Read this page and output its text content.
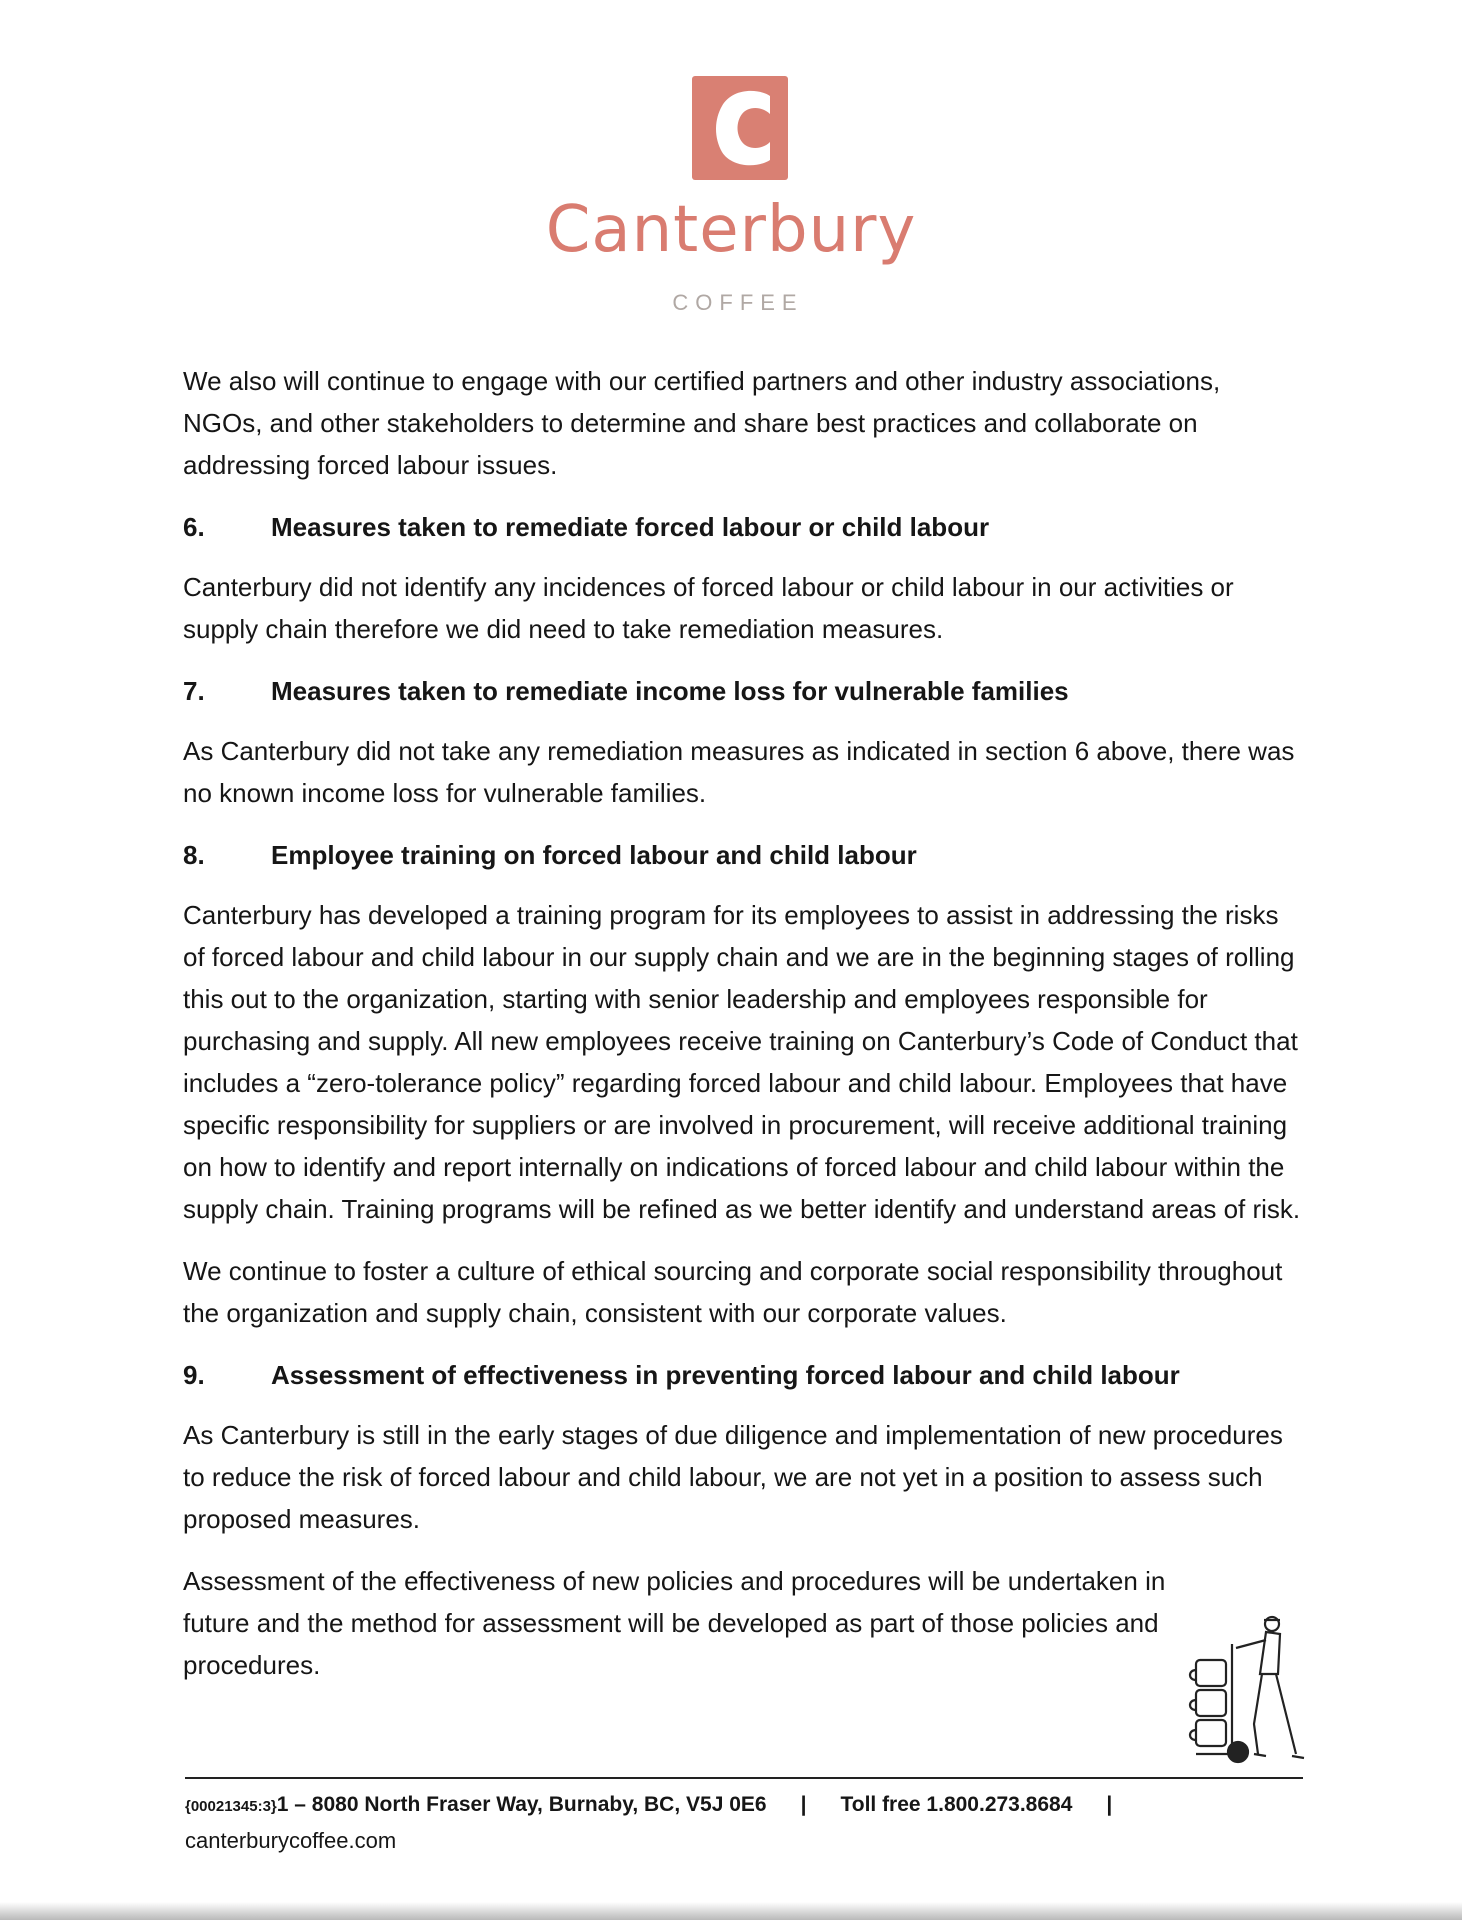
Canterbury
COFFEE

We also will continue to engage with our certified partners and other industry associations, NGOs, and other stakeholders to determine and share best practices and collaborate on addressing forced labour issues.

6.	Measures taken to remediate forced labour or child labour

Canterbury did not identify any incidences of forced labour or child labour in our activities or supply chain therefore we did need to take remediation measures.

7.	Measures taken to remediate income loss for vulnerable families

As Canterbury did not take any remediation measures as indicated in section 6 above, there was no known income loss for vulnerable families.

8.	Employee training on forced labour and child labour

Canterbury has developed a training program for its employees to assist in addressing the risks of forced labour and child labour in our supply chain and we are in the beginning stages of rolling this out to the organization, starting with senior leadership and employees responsible for purchasing and supply. All new employees receive training on Canterbury’s Code of Conduct that includes a “zero-tolerance policy” regarding forced labour and child labour. Employees that have specific responsibility for suppliers or are involved in procurement, will receive additional training on how to identify and report internally on indications of forced labour and child labour within the supply chain. Training programs will be refined as we better identify and understand areas of risk.

We continue to foster a culture of ethical sourcing and corporate social responsibility throughout the organization and supply chain, consistent with our corporate values.

9.	Assessment of effectiveness in preventing forced labour and child labour

As Canterbury is still in the early stages of due diligence and implementation of new procedures to reduce the risk of forced labour and child labour, we are not yet in a position to assess such proposed measures.

Assessment of the effectiveness of new policies and procedures will be undertaken in future and the method for assessment will be developed as part of those policies and procedures.

{00021345:3}1 – 8080 North Fraser Way, Burnaby, BC, V5J 0E6 | Toll free 1.800.273.8684 |
canterburycoffee.com
